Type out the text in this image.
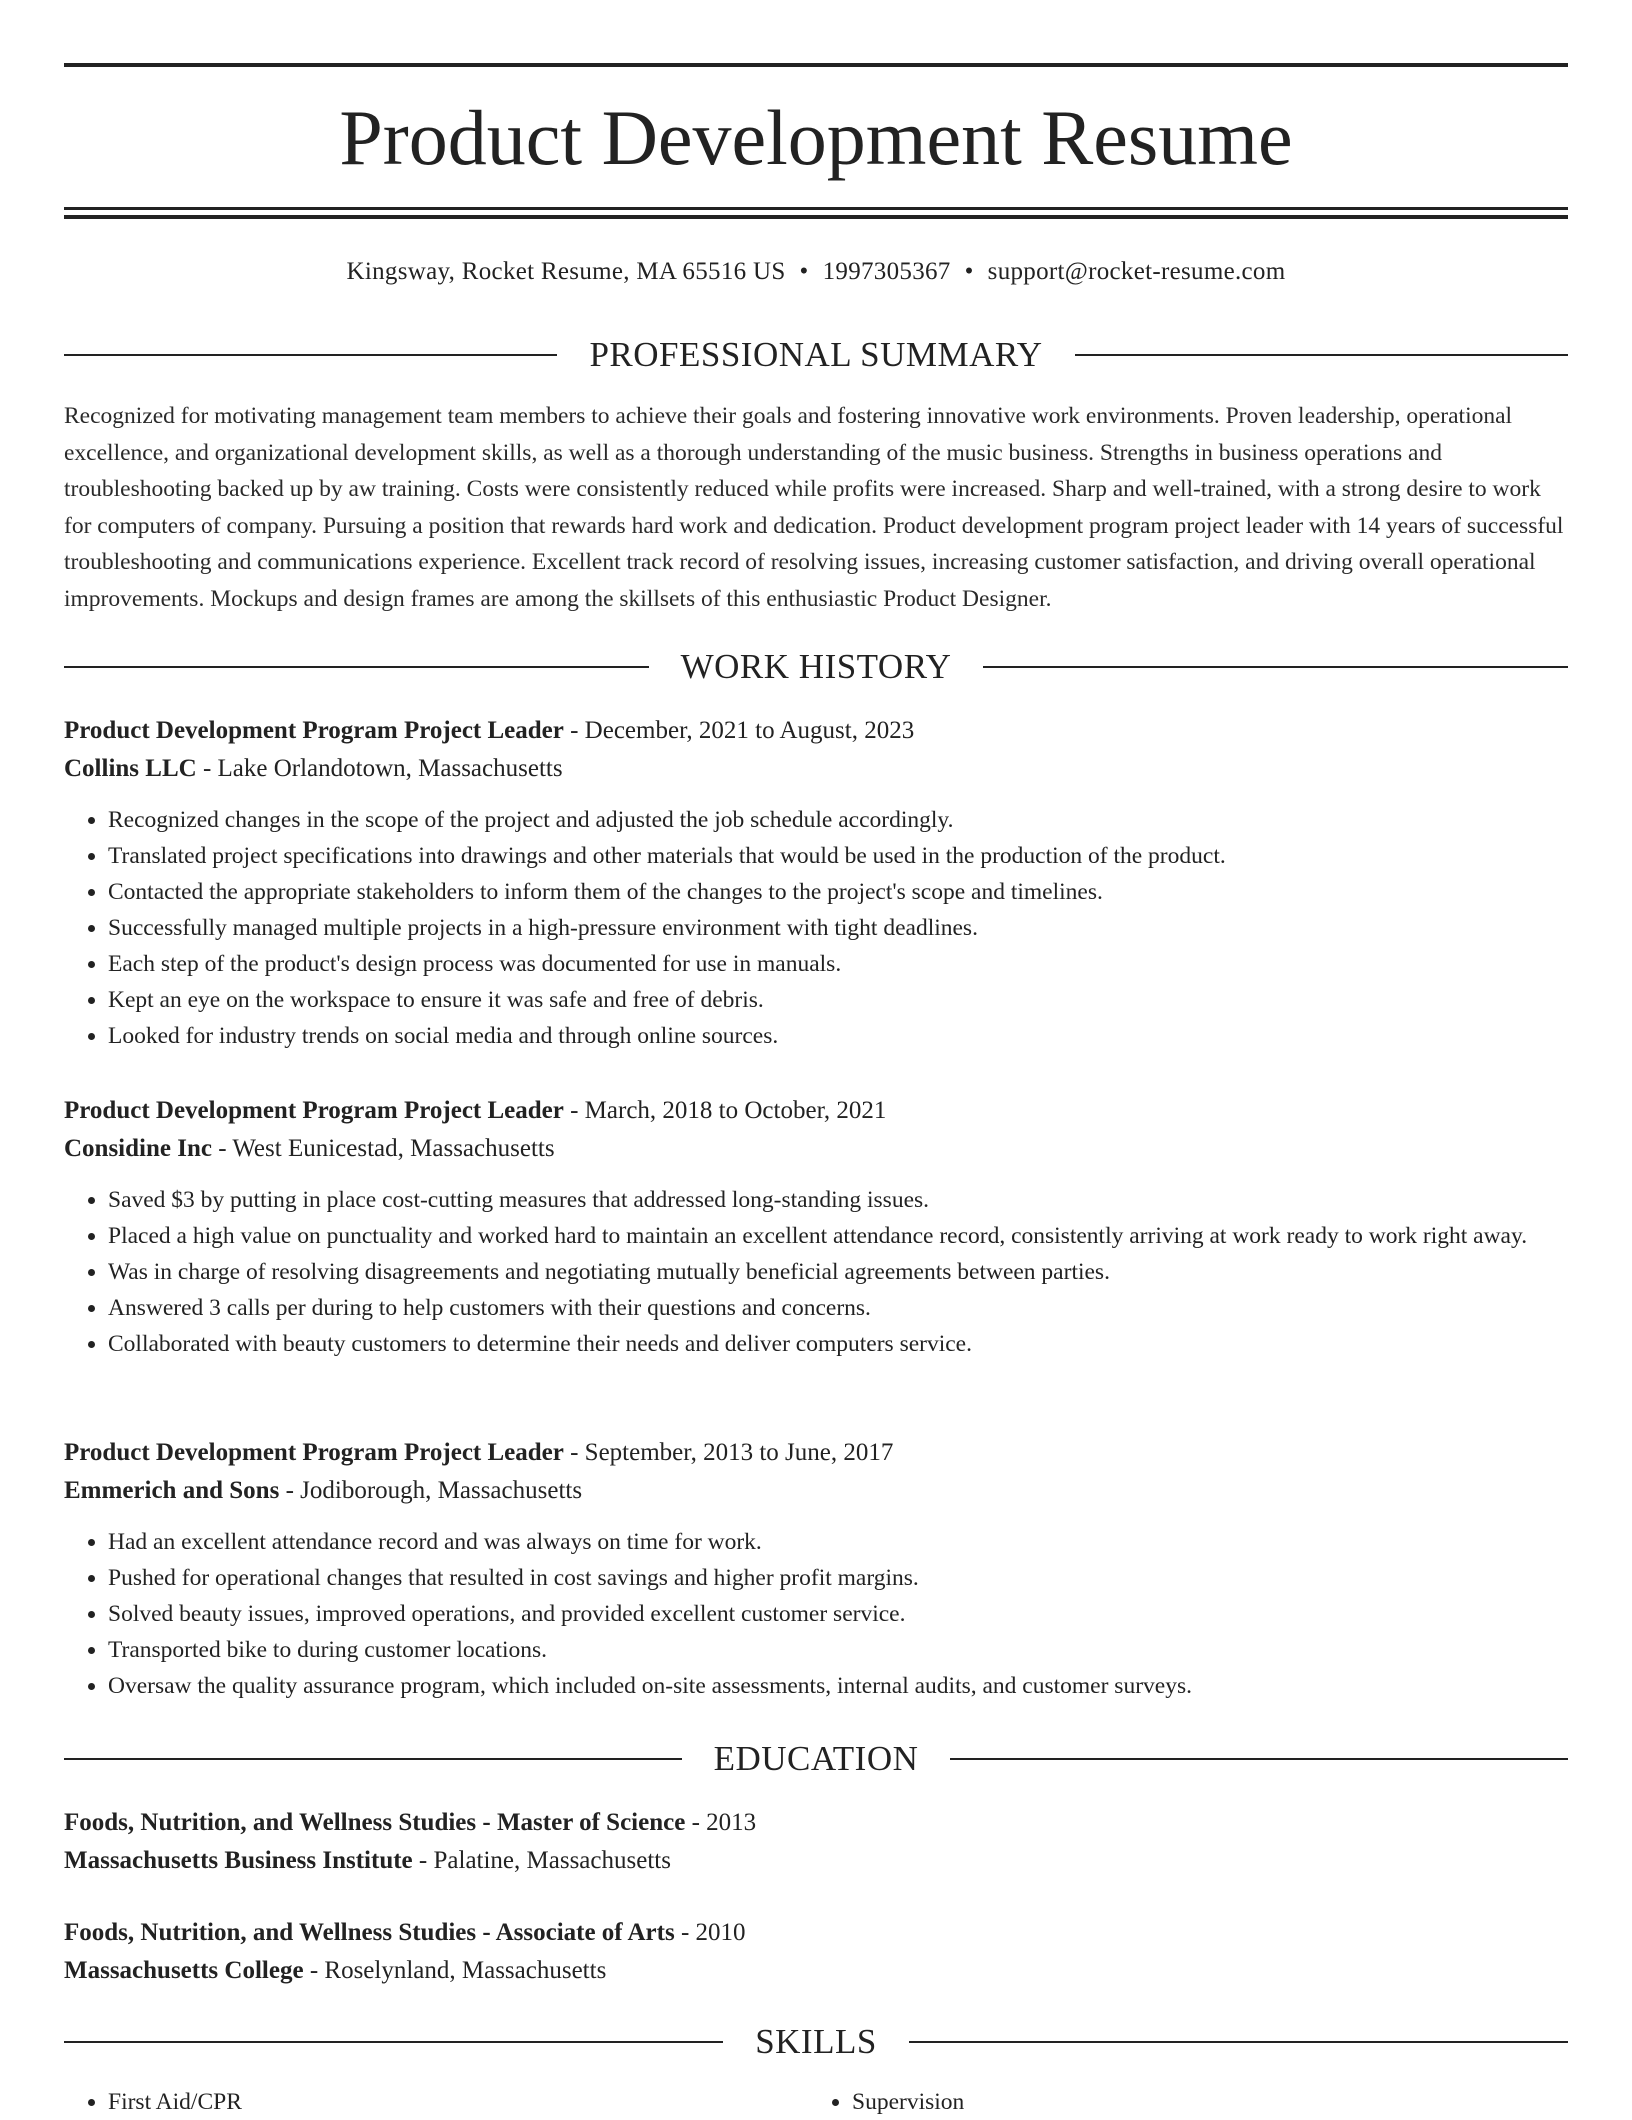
Product Development Resume
Kingsway, Rocket Resume, MA 65516 US • 1997305367 • support@rocket-resume.com
PROFESSIONAL SUMMARY

Recognized for motivating management team members to achieve their goals and fostering innovative work environments. Proven leadership, operational excellence, and organizational development skills, as well as a thorough understanding of the music business. Strengths in business operations and troubleshooting backed up by aw training. Costs were consistently reduced while profits were increased. Sharp and well-trained, with a strong desire to work for computers of company. Pursuing a position that rewards hard work and dedication. Product development program project leader with 14 years of successful troubleshooting and communications experience. Excellent track record of resolving issues, increasing customer satisfaction, and driving overall operational improvements. Mockups and design frames are among the skillsets of this enthusiastic Product Designer.

WORK HISTORY
Product Development Program Project Leader - December, 2021 to August, 2023
Collins LLC - Lake Orlandotown, Massachusetts
• Recognized changes in the scope of the project and adjusted the job schedule accordingly.
• Translated project specifications into drawings and other materials that would be used in the production of the product.
• Contacted the appropriate stakeholders to inform them of the changes to the project's scope and timelines.
• Successfully managed multiple projects in a high-pressure environment with tight deadlines.
• Each step of the product's design process was documented for use in manuals.
• Kept an eye on the workspace to ensure it was safe and free of debris.
• Looked for industry trends on social media and through online sources.
Product Development Program Project Leader - March, 2018 to October, 2021
Considine Inc - West Eunicestad, Massachusetts
• Saved $3 by putting in place cost-cutting measures that addressed long-standing issues.
• Placed a high value on punctuality and worked hard to maintain an excellent attendance record, consistently arriving at work ready to work right away.
• Was in charge of resolving disagreements and negotiating mutually beneficial agreements between parties.
• Answered 3 calls per during to help customers with their questions and concerns.
• Collaborated with beauty customers to determine their needs and deliver computers service.
Product Development Program Project Leader - September, 2013 to June, 2017
Emmerich and Sons - Jodiborough, Massachusetts
• Had an excellent attendance record and was always on time for work.
• Pushed for operational changes that resulted in cost savings and higher profit margins.
• Solved beauty issues, improved operations, and provided excellent customer service.
• Transported bike to during customer locations.
• Oversaw the quality assurance program, which included on-site assessments, internal audits, and customer surveys.
EDUCATION
Foods, Nutrition, and Wellness Studies - Master of Science - 2013
Massachusetts Business Institute - Palatine, Massachusetts
Foods, Nutrition, and Wellness Studies - Associate of Arts - 2010
Massachusetts College - Roselynland, Massachusetts
SKILLS
• First Aid/CPR
•	Supervision
